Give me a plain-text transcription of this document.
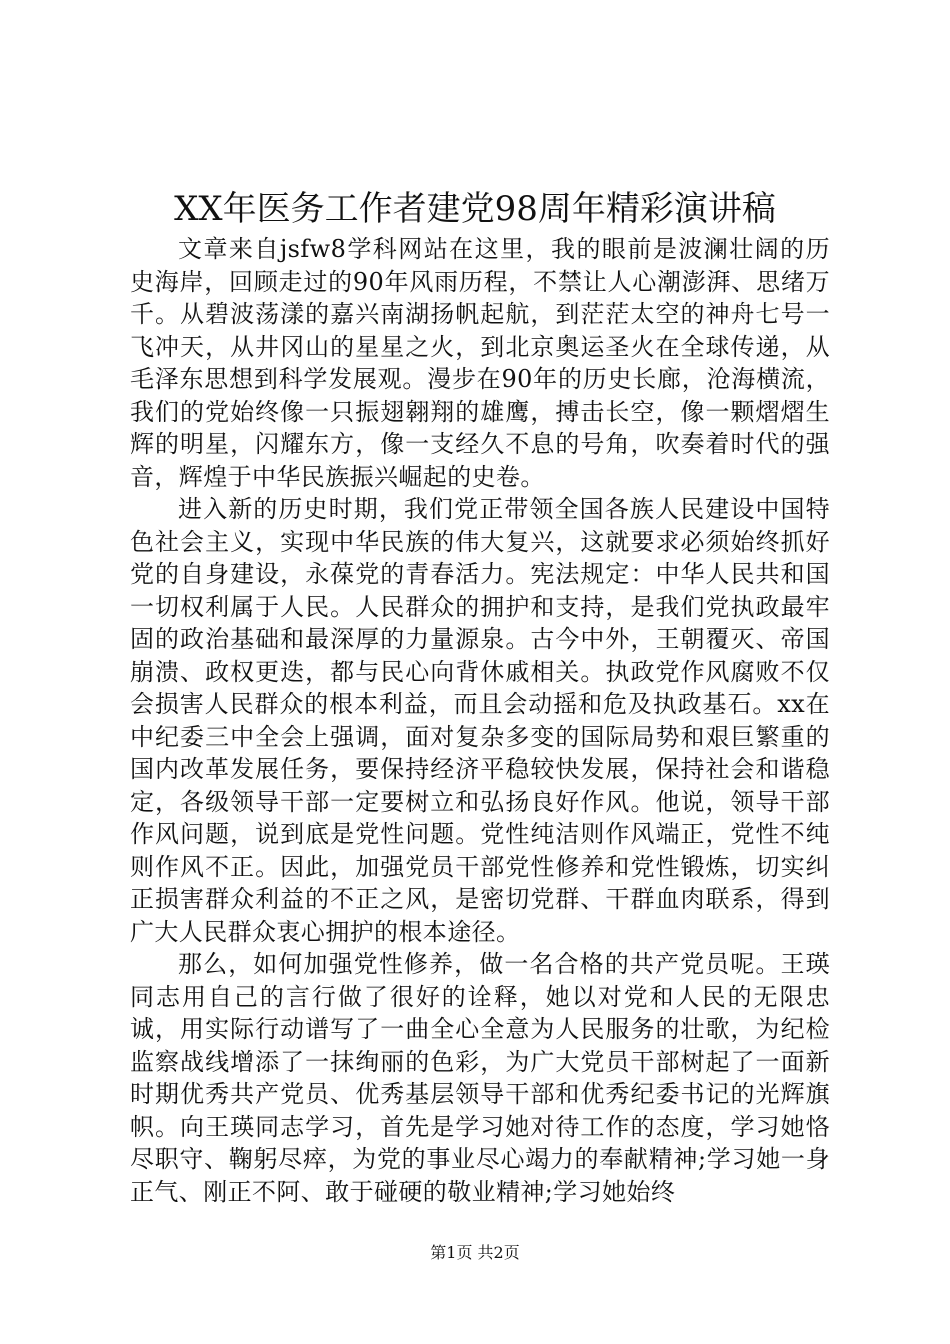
XX年医务工作者建党98周年精彩演讲稿

文章来自jsfw8学科网站在这里，我的眼前是波澜壮阔的历史海岸，回顾走过的90年风雨历程，不禁让人心潮澎湃、思绪万千。从碧波荡漾的嘉兴南湖扬帆起航，到茫茫太空的神舟七号一飞冲天，从井冈山的星星之火，到北京奥运圣火在全球传递，从毛泽东思想到科学发展观。漫步在90年的历史长廊，沧海横流，我们的党始终像一只振翅翱翔的雄鹰，搏击长空，像一颗熠熠生辉的明星，闪耀东方，像一支经久不息的号角，吹奏着时代的强音，辉煌于中华民族振兴崛起的史卷。

进入新的历史时期，我们党正带领全国各族人民建设中国特色社会主义，实现中华民族的伟大复兴，这就要求必须始终抓好党的自身建设，永葆党的青春活力。宪法规定：中华人民共和国一切权利属于人民。人民群众的拥护和支持，是我们党执政最牢固的政治基础和最深厚的力量源泉。古今中外，王朝覆灭、帝国崩溃、政权更迭，都与民心向背休戚相关。执政党作风腐败不仅会损害人民群众的根本利益，而且会动摇和危及执政基石。xx在中纪委三中全会上强调，面对复杂多变的国际局势和艰巨繁重的国内改革发展任务，要保持经济平稳较快发展，保持社会和谐稳定，各级领导干部一定要树立和弘扬良好作风。他说，领导干部作风问题，说到底是党性问题。党性纯洁则作风端正，党性不纯则作风不正。因此，加强党员干部党性修养和党性锻炼，切实纠正损害群众利益的不正之风，是密切党群、干群血肉联系，得到广大人民群众衷心拥护的根本途径。

那么，如何加强党性修养，做一名合格的共产党员呢。王瑛同志用自己的言行做了很好的诠释，她以对党和人民的无限忠诚，用实际行动谱写了一曲全心全意为人民服务的壮歌，为纪检监察战线增添了一抹绚丽的色彩，为广大党员干部树起了一面新时期优秀共产党员、优秀基层领导干部和优秀纪委书记的光辉旗帜。向王瑛同志学习，首先是学习她对待工作的态度，学习她恪尽职守、鞠躬尽瘁，为党的事业尽心竭力的奉献精神;学习她一身正气、刚正不阿、敢于碰硬的敬业精神;学习她始终

第1页 共2页
